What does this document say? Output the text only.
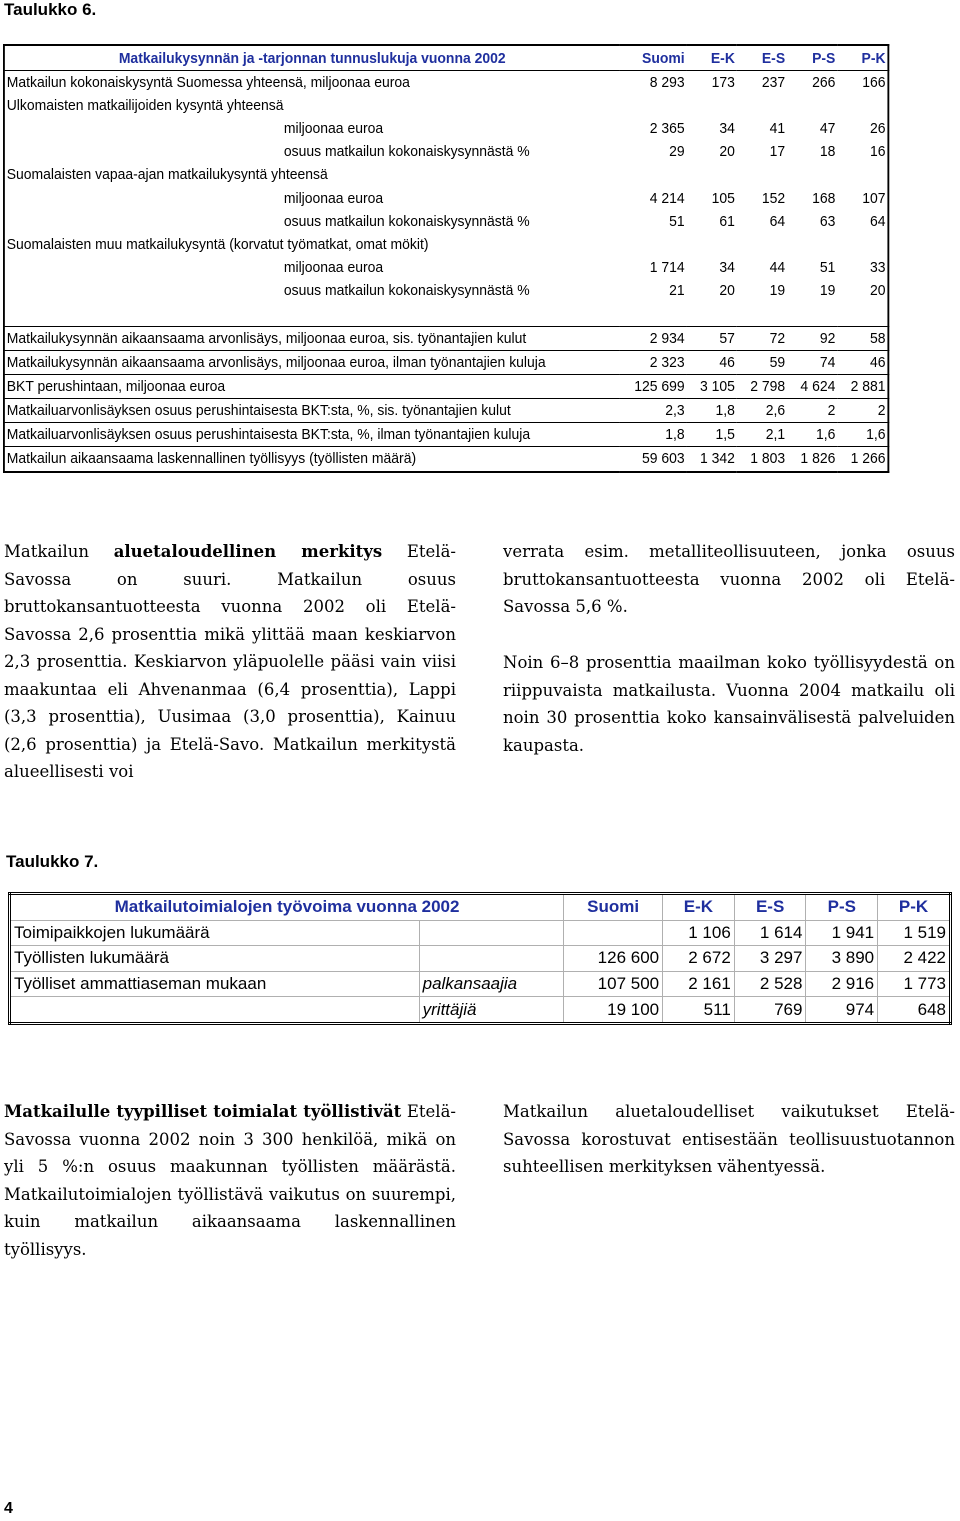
Taulukko 6.
Matkailukysynnän ja -tarjonnan tunnuslukuja vuonna 2002	Suomi	E-K	E-S	P-S	P-K
Matkailun kokonaiskysyntä Suomessa yhteensä, miljoonaa euroa	8 293	173	237	266	166
Ulkomaisten matkailijoiden kysyntä yhteensä					
miljoonaa euroa	2 365	34	41	47	26
osuus matkailun kokonaiskysynnästä %	29	20	17	18	16
Suomalaisten vapaa-ajan matkailukysyntä yhteensä					
miljoonaa euroa	4 214	105	152	168	107
osuus matkailun kokonaiskysynnästä %	51	61	64	63	64
Suomalaisten muu matkailukysyntä (korvatut työmatkat, omat mökit)					
miljoonaa euroa	1 714	34	44	51	33
osuus matkailun kokonaiskysynnästä %	21	20	19	19	20

Matkailukysynnän aikaansaama arvonlisäys, miljoonaa euroa, sis. työnantajien kulut	2 934	57	72	92	58
Matkailukysynnän aikaansaama arvonlisäys, miljoonaa euroa, ilman työnantajien kuluja	2 323	46	59	74	46
BKT perushintaan, miljoonaa euroa	125 699	3 105	2 798	4 624	2 881
Matkailuarvonlisäyksen osuus perushintaisesta BKT:sta, %, sis. työnantajien kulut	2,3	1,8	2,6	2	2
Matkailuarvonlisäyksen osuus perushintaisesta BKT:sta, %, ilman työnantajien kuluja	1,8	1,5	2,1	1,6	1,6
Matkailun aikaansaama laskennallinen työllisyys (työllisten määrä)	59 603	1 342	1 803	1 826	1 266
Matkailun aluetaloudellinen merkitys Etelä-Savossa on suuri. Matkailun osuus bruttokansantuotteesta vuonna 2002 oli Etelä-Savossa 2,6 prosenttia mikä ylittää maan keskiarvon 2,3 prosenttia. Keskiarvon yläpuolelle pääsi vain viisi maakuntaa eli Ahvenanmaa (6,4 prosenttia), Lappi (3,3 prosenttia), Uusimaa (3,0 prosenttia), Kainuu (2,6 prosenttia) ja Etelä-Savo. Matkailun merkitystä alueellisesti voi
verrata esim. metalliteollisuuteen, jonka osuus bruttokansantuotteesta vuonna 2002 oli Etelä-Savossa 5,6 %.
Noin 6–8 prosenttia maailman koko työllisyydestä on riippuvaista matkailusta. Vuonna 2004 matkailu oli noin 30 prosenttia koko kansainvälisestä palveluiden kaupasta.
Taulukko 7.
Matkailutoimialojen työvoima vuonna 2002		Suomi	E-K	E-S	P-S	P-K
Toimipaikkojen lukumäärä			1 106	1 614	1 941	1 519
Työllisten lukumäärä		126 600	2 672	3 297	3 890	2 422
Työlliset ammattiaseman mukaan	palkansaajia	107 500	2 161	2 528	2 916	1 773
	yrittäjiä	19 100	511	769	974	648
Matkailulle tyypilliset toimialat työllistivät Etelä-Savossa vuonna 2002 noin 3 300 henkilöä, mikä on yli 5 %:n osuus maakunnan työllisten määrästä. Matkailutoimialojen työllistävä vaikutus on suurempi, kuin matkailun aikaansaama laskennallinen työllisyys.
Matkailun aluetaloudelliset vaikutukset Etelä-Savossa korostuvat entisestään teollisuustuotannon suhteellisen merkityksen vähentyessä.
4
